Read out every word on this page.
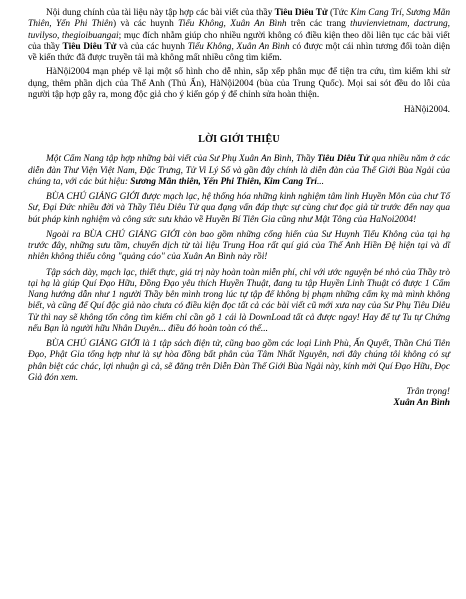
Nội dung chính của tài liệu này tập hợp các bài viết của thầy Tiêu Diêu Tử (Tức Kim Cang Trí, Sương Mãn Thiên, Yến Phi Thiên) và các huynh Tiểu Không, Xuân An Bình trên các trang thuvienvietnam, dactrung, tuvilyso, thegioibuangai; mục đích nhằm giúp cho nhiều người không có điều kiện theo dõi liên tục các bài viết của thầy Tiêu Diêu Tử và của các huynh Tiểu Không, Xuân An Bình có được một cái nhìn tương đối toàn diện về kiến thức đã được truyền tải mà không mất nhiều công tìm kiếm.

HàNội2004 mạn phép vẽ lại một số hình cho dễ nhìn, sắp xếp phân mục để tiện tra cứu, tìm kiếm khi sử dụng, thêm phần dịch của Thế Anh (Thủ Ấn), HàNội2004 (bùa của Trung Quốc). Mọi sai sót đều do lỗi của người tập hợp gây ra, mong độc giả cho ý kiến góp ý để chỉnh sửa hoàn thiện.

HàNội2004.

LỜI GIỚI THIỆU

Một Cẩm Nang tập hợp những bài viết của Sư Phụ Xuân An Bình, Thầy Tiêu Diêu Tử qua nhiều năm ở các diễn đàn Thư Viện Việt Nam, Đặc Trưng, Tử Vi Lý Số và gần đây chính là diễn đàn của Thế Giới Bùa Ngải của chúng ta, với các bút hiệu: Sương Mãn thiên, Yến Phi Thiên, Kim Cang Trí...

BÙA CHÚ GIẢNG GIỚI được mạch lạc, hệ thống hóa những kinh nghiệm tâm linh Huyền Môn của chư Tổ Sư, Đại Đức nhiều đời và Thầy Tiêu Diêu Tử qua đạng vấn đáp thực sự cùng chư đọc giả từ trước đến nay qua bút pháp kinh nghiệm và công sức sưu khảo về Huyền Bí Tiên Gia cũng như Mật Tông của HaNoi2004!

Ngoài ra BÙA CHÚ GIẢNG GIỚI còn bao gồm những cống hiến của Sư Huynh Tiểu Không của tại hạ trước đây, những sưu tầm, chuyển dịch từ tài liệu Trung Hoa rất quí giá của Thế Anh Hiền Đệ hiện tại và dĩ nhiên không thiếu công "quảng cáo" của Xuân An Bình này rồi!

Tập sách dày, mạch lạc, thiết thực, giá trị này hoàn toàn miễn phí, chỉ với ước nguyện bé nhỏ của Thầy trò tại hạ là giúp Quí Đạo Hữu, Đồng Đạo yêu thích Huyền Thuật, đang tu tập Huyền Linh Thuật có được 1 Cẩm Nang hướng dẫn như 1 người Thầy bên mình trong lúc tự tập để không bị phạm những cấm kỵ mà mình không biết, và cũng để Quí độc giả nào chưa có điều kiện đọc tất cả các bài viết cũ mới xưa nay của Sư Phụ Tiêu Diêu Tử thì nay sẽ không tốn công tìm kiếm chỉ cần gõ 1 cái là DownLoad tất cả được ngay! Hay để tự Tu tự Chứng nếu Bạn là người hữu Nhân Duyên... điều đó hoàn toàn có thể...

BÙA CHÚ GIẢNG GIỚI là 1 tập sách điện tử, cũng bao gồm các loại Linh Phù, Ấn Quyết, Thần Chú Tiên Đạo, Phật Gia tổng hợp như là sự hòa đồng bất phân của Tâm Nhất Nguyên, nơi đây chúng tôi không có sự phân biệt các chác, lợi nhuận gì cả, sẽ đăng trên Diễn Đàn Thế Giới Bùa Ngải này, kính mời Quí Đạo Hữu, Đọc Giả đón xem.

Trân trọng!
Xuân An Bình
